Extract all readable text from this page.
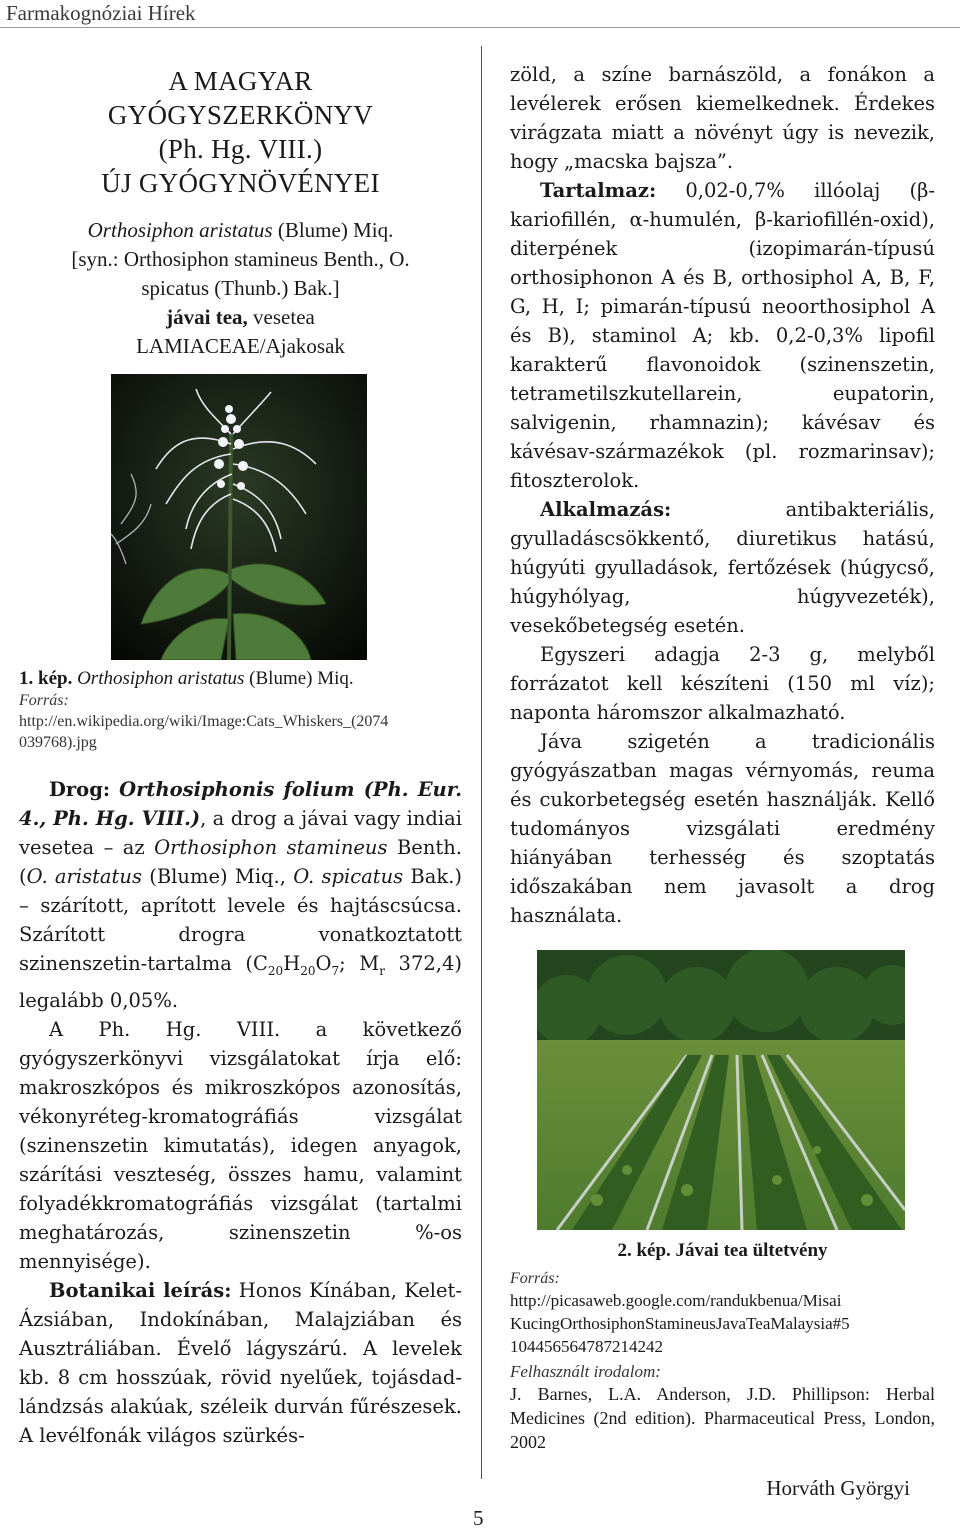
Farmakognóziai Hírek
A MAGYAR
GYÓGYSZERKÖNYV
(Ph. Hg. VIII.)
ÚJ GYÓGYNÖVÉNYEI
Orthosiphon aristatus (Blume) Miq.
[syn.: Orthosiphon stamineus Benth., O.
spicatus (Thunb.) Bak.]
jávai tea, vesetea
LAMIACEAE/Ajakosak
1. kép. Orthosiphon aristatus (Blume) Miq.
Forrás:
http://en.wikipedia.org/wiki/Image:Cats_Whiskers_(2074
039768).jpg

Drog: Orthosiphonis folium (Ph. Eur. 4., Ph. Hg. VIII.), a drog a jávai vagy indiai vesetea – az Orthosiphon stamineus Benth. (O. aristatus (Blume) Miq., O. spicatus Bak.) – szárított, aprított levele és hajtáscsúcsa. Szárított drogra vonatkoztatott szinenszetin-tartalma ($C_{20}H_{20}O_7$; $M_r$ 372,4) legalább 0,05%.

A Ph. Hg. VIII. a következő gyógyszerkönyvi vizsgálatokat írja elő: makroszkópos és mikroszkópos azonosítás, vékonyréteg-kromatográfiás vizsgálat (szinenszetin kimutatás), idegen anyagok, szárítási veszteség, összes hamu, valamint folyadékkromatográfiás vizsgálat (tartalmi meghatározás, szinenszetin %-os mennyisége).

Botanikai leírás: Honos Kínában, Kelet-Ázsiában, Indokínában, Malajziában és Ausztráliában. Évelő lágyszárú. A levelek kb. 8 cm hosszúak, rövid nyelűek, tojásdad-lándzsás alakúak, széleik durván fűrészesek. A levélfonák világos szürkés-

zöld, a színe barnászöld, a fonákon a levélerek erősen kiemelkednek. Érdekes virágzata miatt a növényt úgy is nevezik, hogy „macska bajsza”.

Tartalmaz: 0,02-0,7% illóolaj (β-kariofillén, α-humulén, β-kariofillén-oxid), diterpének (izopimarán-típusú orthosiphonon A és B, orthosiphol A, B, F, G, H, I; pimarán-típusú neoorthosiphol A és B), staminol A; kb. 0,2-0,3% lipofil karakterű flavonoidok (szinenszetin, tetrametilszkutellarein, eupatorin, salvigenin, rhamnazin); kávésav és kávésav-származékok (pl. rozmarinsav); fitoszterolok.

Alkalmazás: antibakteriális, gyulladáscsökkentő, diuretikus hatású, húgyúti gyulladások, fertőzések (húgycső, húgyhólyag, húgyvezeték), vesekőbetegség esetén.

Egyszeri adagja 2-3 g, melyből forrázatot kell készíteni (150 ml víz); naponta háromszor alkalmazható.

Jáva szigetén a tradicionális gyógyászatban magas vérnyomás, reuma és cukorbetegség esetén használják. Kellő tudományos vizsgálati eredmény hiányában terhesség és szoptatás időszakában nem javasolt a drog használata.

2. kép. Jávai tea ültetvény
Forrás:
http://picasaweb.google.com/randukbenua/Misai KucingOrthosiphonStamineusJavaTeaMalaysia#5 104456564787214242
Felhasznált irodalom:
J. Barnes, L.A. Anderson, J.D. Phillipson: Herbal Medicines (2nd edition). Pharmaceutical Press, London, 2002
Horváth Györgyi
5
